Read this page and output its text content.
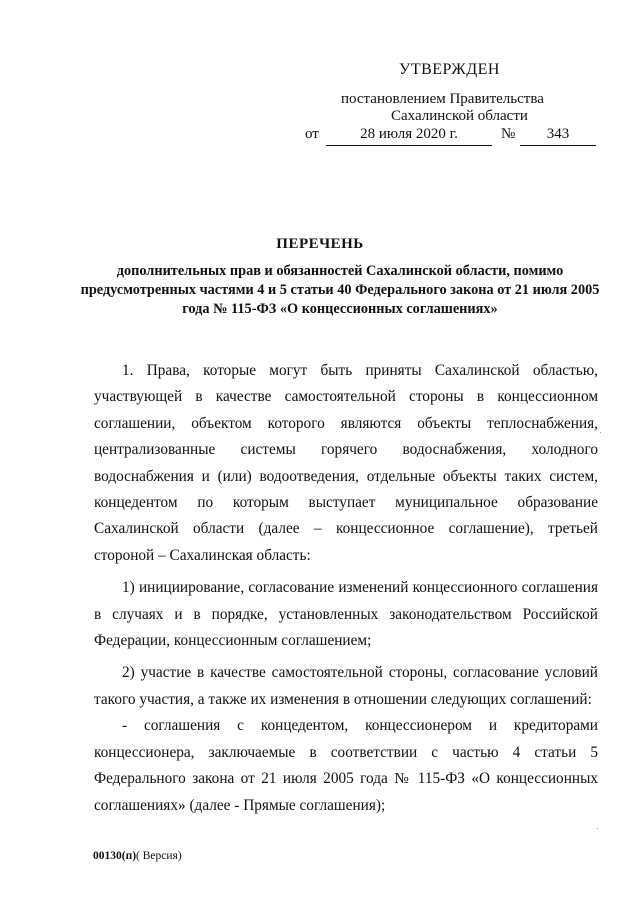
УТВЕРЖДЕН
постановлением Правительства
Сахалинской области
от	28 июля 2020 г.	№	343
ПЕРЕЧЕНЬ
дополнительных прав и обязанностей Сахалинской области, помимо предусмотренных частями 4 и 5 статьи 40 Федерального закона от 21 июля 2005 года № 115-ФЗ «О концессионных соглашениях»

1. Права, которые могут быть приняты Сахалинской областью, участвующей в качестве самостоятельной стороны в концессионном соглашении, объектом которого являются объекты теплоснабжения, централизованные системы горячего водоснабжения, холодного водоснабжения и (или) водоотведения, отдельные объекты таких систем, концедентом по которым выступает муниципальное образование Сахалинской области (далее – концессионное соглашение), третьей стороной – Сахалинская область:

1) инициирование, согласование изменений концессионного соглашения в случаях и в порядке, установленных законодательством Российской Федерации, концессионным соглашением;

2) участие в качестве самостоятельной стороны, согласование условий такого участия, а также их изменения в отношении следующих соглашений:

- соглашения с концедентом, концессионером и кредиторами концессионера, заключаемые в соответствии с частью 4 статьи 5 Федерального закона от 21 июля 2005 года № 115-ФЗ «О концессионных соглашениях» (далее - Прямые соглашения);

00130(п)( Версия)
